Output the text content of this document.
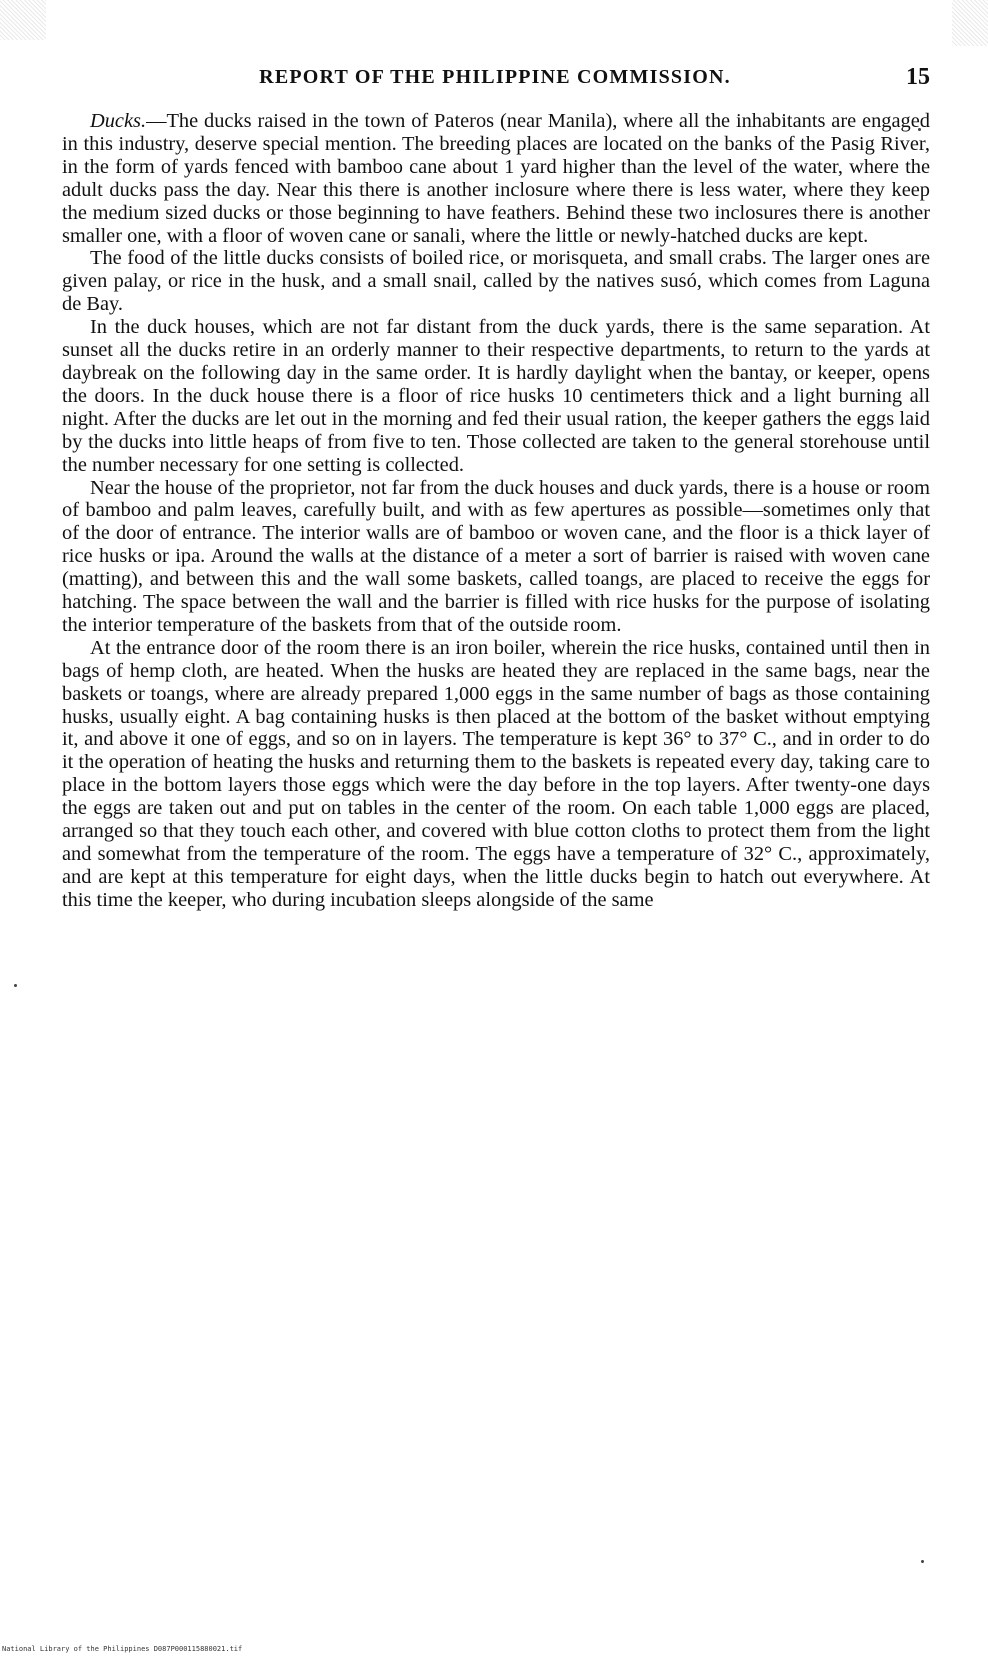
REPORT OF THE PHILIPPINE COMMISSION.	15

Ducks.—The ducks raised in the town of Pateros (near Manila), where all the inhabitants are engaged in this industry, deserve special mention. The breeding places are located on the banks of the Pasig River, in the form of yards fenced with bamboo cane about 1 yard higher than the level of the water, where the adult ducks pass the day. Near this there is another inclosure where there is less water, where they keep the medium sized ducks or those beginning to have feathers. Behind these two inclosures there is another smaller one, with a floor of woven cane or sanali, where the little or newly-hatched ducks are kept.

The food of the little ducks consists of boiled rice, or morisqueta, and small crabs. The larger ones are given palay, or rice in the husk, and a small snail, called by the natives susó, which comes from Laguna de Bay.

In the duck houses, which are not far distant from the duck yards, there is the same separation. At sunset all the ducks retire in an orderly manner to their respective departments, to return to the yards at daybreak on the following day in the same order. It is hardly daylight when the bantay, or keeper, opens the doors. In the duck house there is a floor of rice husks 10 centimeters thick and a light burning all night. After the ducks are let out in the morning and fed their usual ration, the keeper gathers the eggs laid by the ducks into little heaps of from five to ten. Those collected are taken to the general storehouse until the number necessary for one setting is collected.

Near the house of the proprietor, not far from the duck houses and duck yards, there is a house or room of bamboo and palm leaves, carefully built, and with as few apertures as possible—sometimes only that of the door of entrance. The interior walls are of bamboo or woven cane, and the floor is a thick layer of rice husks or ipa. Around the walls at the distance of a meter a sort of barrier is raised with woven cane (matting), and between this and the wall some baskets, called toangs, are placed to receive the eggs for hatching. The space between the wall and the barrier is filled with rice husks for the purpose of isolating the interior temperature of the baskets from that of the outside room.

At the entrance door of the room there is an iron boiler, wherein the rice husks, contained until then in bags of hemp cloth, are heated. When the husks are heated they are replaced in the same bags, near the baskets or toangs, where are already prepared 1,000 eggs in the same number of bags as those containing husks, usually eight. A bag containing husks is then placed at the bottom of the basket without emptying it, and above it one of eggs, and so on in layers. The temperature is kept 36° to 37° C., and in order to do it the operation of heating the husks and returning them to the baskets is repeated every day, taking care to place in the bottom layers those eggs which were the day before in the top layers. After twenty-one days the eggs are taken out and put on tables in the center of the room. On each table 1,000 eggs are placed, arranged so that they touch each other, and covered with blue cotton cloths to protect them from the light and somewhat from the temperature of the room. The eggs have a temperature of 32° C., approximately, and are kept at this temperature for eight days, when the little ducks begin to hatch out everywhere. At this time the keeper, who during incubation sleeps alongside of the same

National Library of the Philippines D087P000115880021.tif
